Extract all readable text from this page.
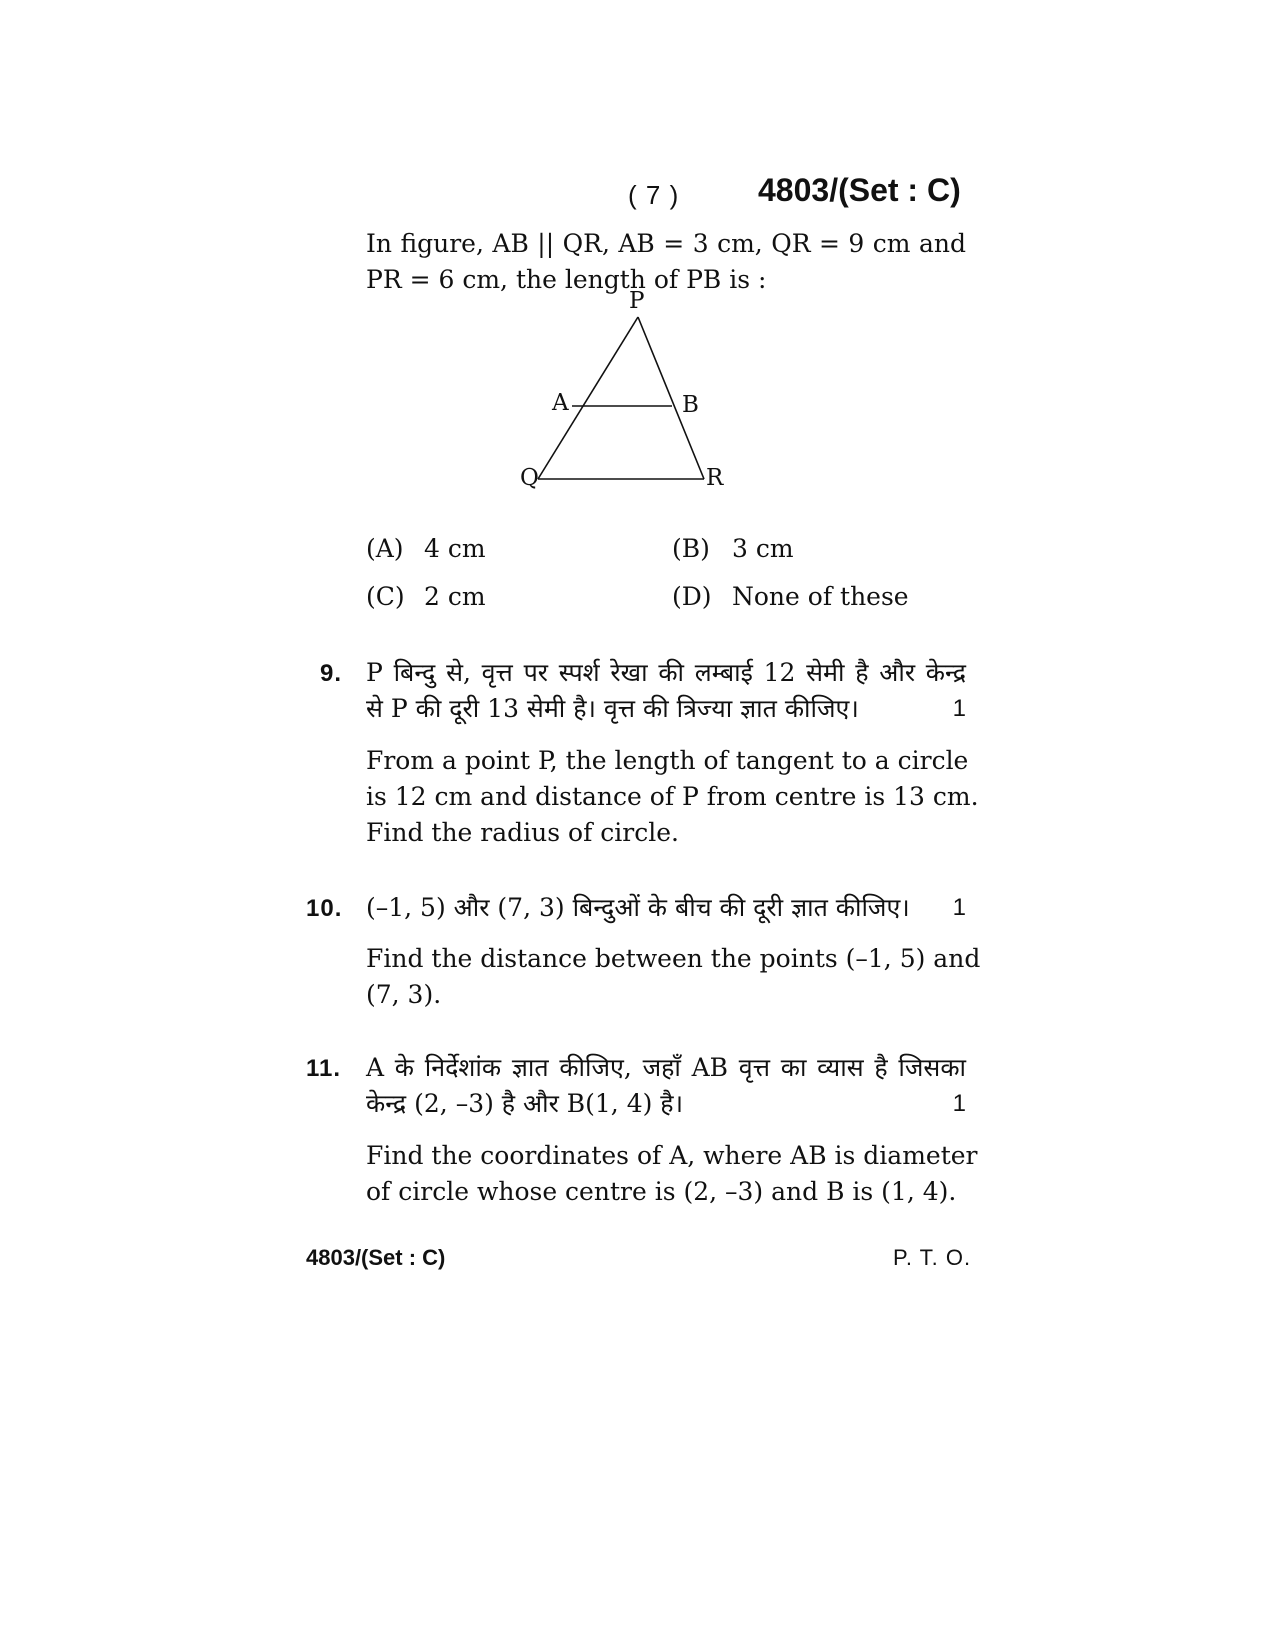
( 7 ) 4803/(Set : C)
In figure, AB || QR, AB = 3 cm, QR = 9 cm and
PR = 6 cm, the length of PB is :
P
A	B
Q	R
(A) 4 cm	(B) 3 cm
(C) 2 cm	(D) None of these
9. P बिन्दु से, वृत्त पर स्पर्श रेखा की लम्बाई 12 सेमी है और केन्द्र
से P की दूरी 13 सेमी है। वृत्त की त्रिज्या ज्ञात कीजिए।	1
From a point P, the length of tangent to a circle
is 12 cm and distance of P from centre is 13 cm.
Find the radius of circle.
10. (–1, 5) और (7, 3) बिन्दुओं के बीच की दूरी ज्ञात कीजिए। 1
Find the distance between the points (–1, 5) and
(7, 3).
11. A के निर्देशांक ज्ञात कीजिए, जहाँ AB वृत्त का व्यास है जिसका
केन्द्र (2, –3) है और B(1, 4) है।	1
Find the coordinates of A, where AB is diameter
of circle whose centre is (2, –3) and B is (1, 4).
4803/(Set : C)	P. T. O.
